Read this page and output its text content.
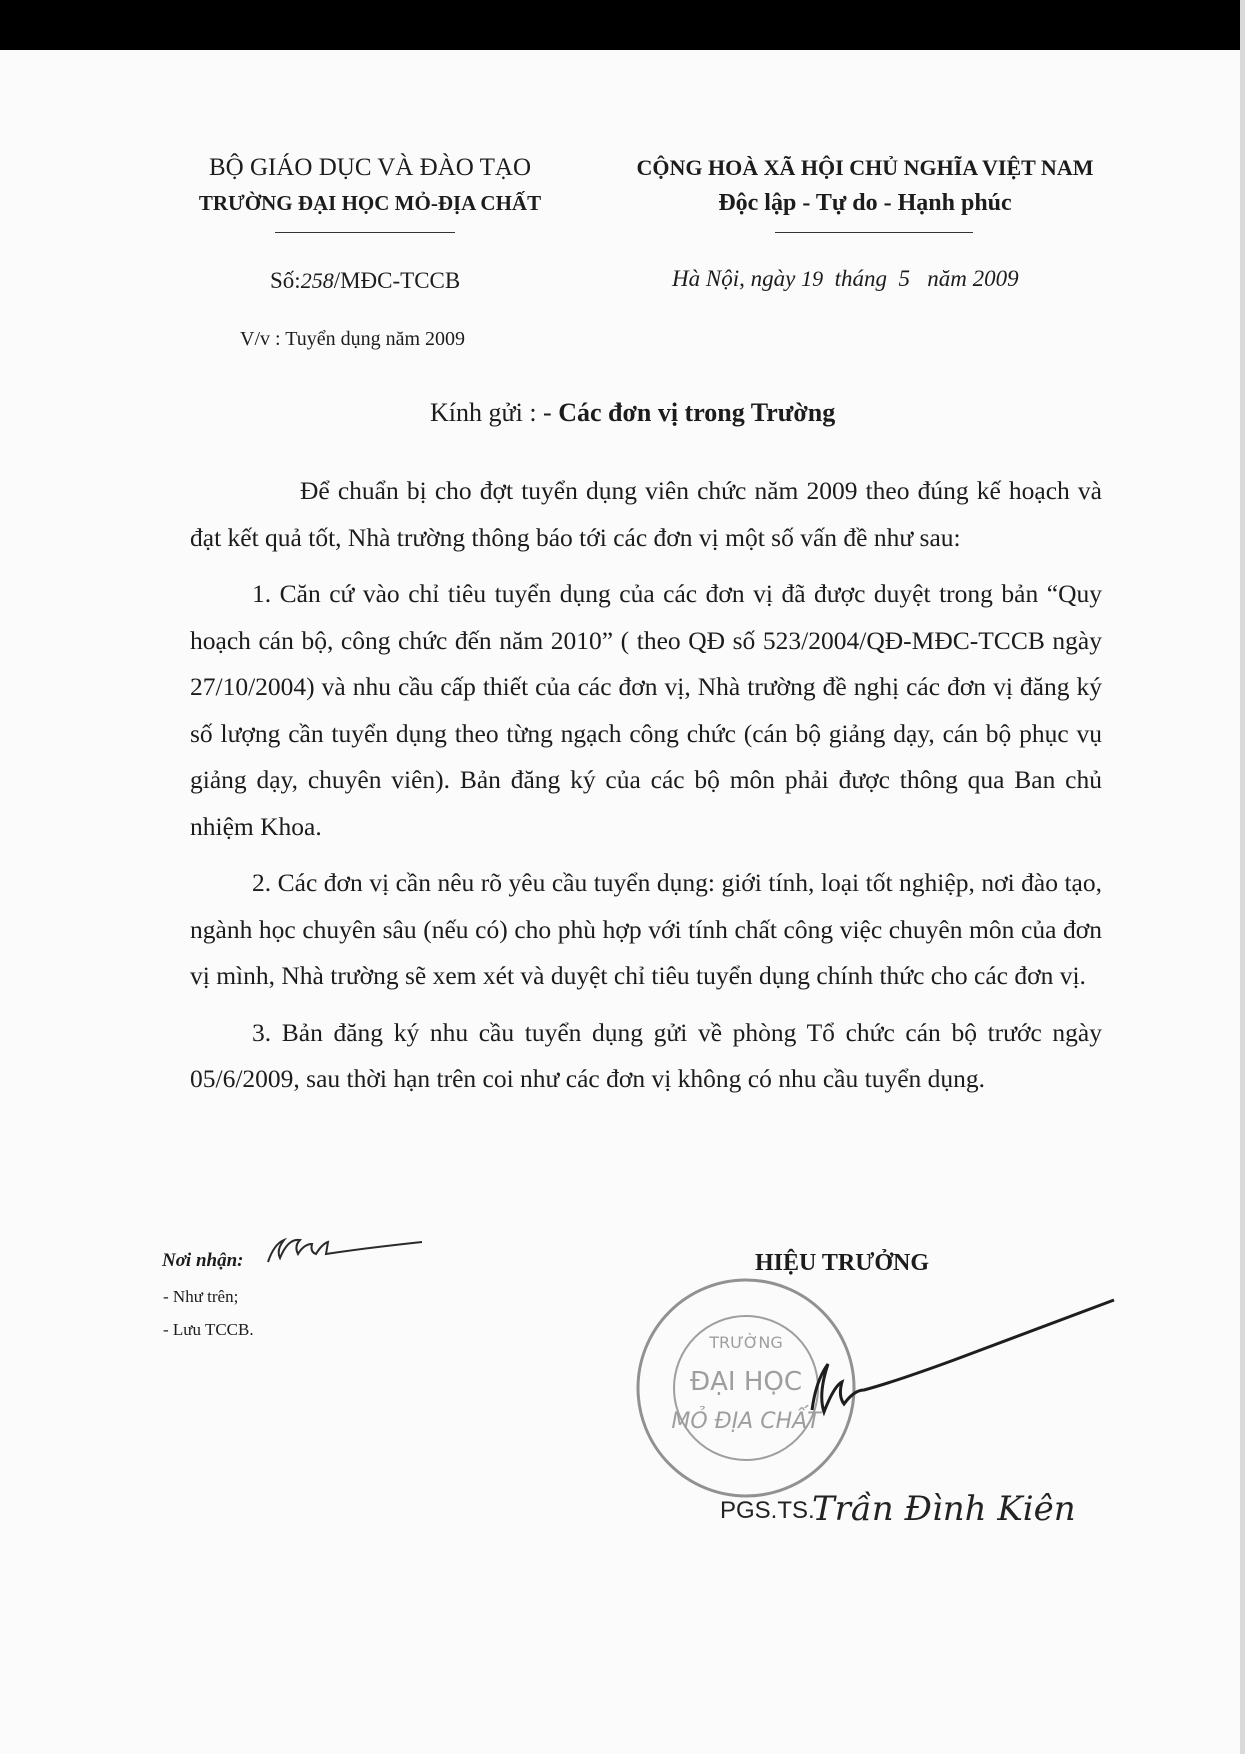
BỘ GIÁO DỤC VÀ ĐÀO TẠO
TRƯỜNG ĐẠI HỌC MỎ-ĐỊA CHẤT
CỘNG HOÀ XÃ HỘI CHỦ NGHĨA VIỆT NAM
Độc lập - Tự do - Hạnh phúc
Số:258/MĐC-TCCB	Hà Nội, ngày 19 tháng 5 năm 2009
V/v : Tuyển dụng năm 2009
Kính gửi : - Các đơn vị trong Trường

Để chuẩn bị cho đợt tuyển dụng viên chức năm 2009 theo đúng kế hoạch và đạt kết quả tốt, Nhà trường thông báo tới các đơn vị một số vấn đề như sau:

1. Căn cứ vào chỉ tiêu tuyển dụng của các đơn vị đã được duyệt trong bản “Quy hoạch cán bộ, công chức đến năm 2010” ( theo QĐ số 523/2004/QĐ-MĐC-TCCB ngày 27/10/2004) và nhu cầu cấp thiết của các đơn vị, Nhà trường đề nghị các đơn vị đăng ký số lượng cần tuyển dụng theo từng ngạch công chức (cán bộ giảng dạy, cán bộ phục vụ giảng dạy, chuyên viên). Bản đăng ký của các bộ môn phải được thông qua Ban chủ nhiệm Khoa.

2. Các đơn vị cần nêu rõ yêu cầu tuyển dụng: giới tính, loại tốt nghiệp, nơi đào tạo, ngành học chuyên sâu (nếu có) cho phù hợp với tính chất công việc chuyên môn của đơn vị mình, Nhà trường sẽ xem xét và duyệt chỉ tiêu tuyển dụng chính thức cho các đơn vị.

3. Bản đăng ký nhu cầu tuyển dụng gửi về phòng Tổ chức cán bộ trước ngày 05/6/2009, sau thời hạn trên coi như các đơn vị không có nhu cầu tuyển dụng.

Nơi nhận:
- Như trên;
- Lưu TCCB.
HIỆU TRƯỞNG
TRƯỜNG
ĐẠI HỌC
MỎ ĐỊA CHẤT
PGS.TS.
Trần Đình Kiên
